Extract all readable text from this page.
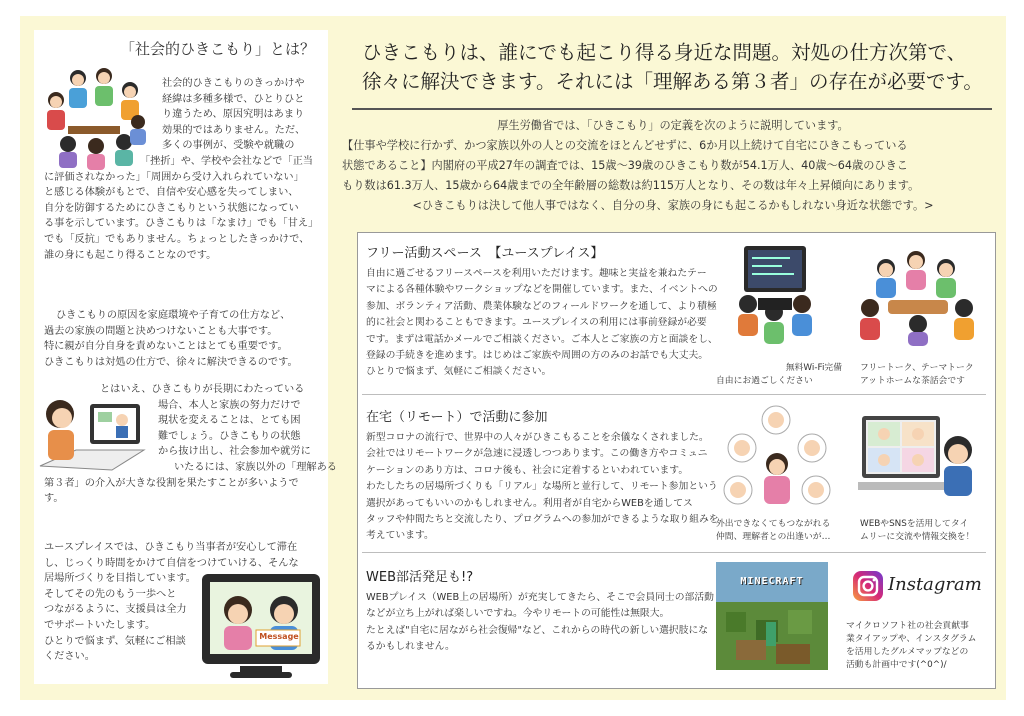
「社会的ひきこもり」とは？
社会的ひきこもりのきっかけや
経緯は多種多様で、ひとりひと
り違うため、原因究明はあまり
効果的ではありません。ただ、
多くの事例が、受験や就職の
「挫折」や、学校や会社などで「正当
に評価されなかった」「周囲から受け入れられていない」
と感じる体験がもとで、自信や安心感を失ってしまい、
自分を防御するためにひきこもりという状態になってい
る事を示しています。ひきこもりは「なまけ」でも「甘え」
でも「反抗」でもありません。ちょっとしたきっかけで、
誰の身にも起こり得ることなのです。
ひきこもりの原因を家庭環境や子育ての仕方など、
過去の家族の問題と決めつけないことも大事です。
特に親が自分自身を責めないことはとても重要です。
ひきこもりは対処の仕方で、徐々に解決できるのです。
とはいえ、ひきこもりが長期にわたっている
場合、本人と家族の努力だけで
現状を変えることは、とても困
難でしょう。ひきこもりの状態
から抜け出し、社会参加や就労に
いたるには、家族以外の「理解ある
第３者」の介入が大きな役割を果たすことが多いようで
す。
ユースプレイスでは、ひきこもり当事者が安心して滞在
し、じっくり時間をかけて自信をつけていける、そんな
居場所づくりを目指しています。
そしてその先のもう一歩へと
つながるように、支援員は全力
でサポートいたします。
ひとりで悩まず、気軽にご相談
ください。
Message
ひきこもりは、誰にでも起こり得る身近な問題。対処の仕方次第で、
徐々に解決できます。それには「理解ある第３者」の存在が必要です。
厚生労働省では、「ひきこもり」の定義を次のように説明しています。
【仕事や学校に行かず、かつ家族以外の人との交流をほとんどせずに、6か月以上続けて自宅にひきこもっている
状態であること】内閣府の平成27年の調査では、15歳〜39歳のひきこもり数が54.1万人、40歳〜64歳のひきこ
もり数は61.3万人、15歳から64歳までの全年齢層の総数は約115万人となり、その数は年々上昇傾向にあります。
<ひきこもりは決して他人事ではなく、自分の身、家族の身にも起こるかもしれない身近な状態です。>
フリー活動スペース　【ユースプレイス】
自由に過ごせるフリースペースを利用いただけます。趣味と実益を兼ねたテー
マによる各種体験やワークショップなどを開催しています。また、イベントへの
参加、ボランティア活動、農業体験などのフィールドワークを通して、より積極
的に社会と関わることもできます。ユースプレイスの利用には事前登録が必要
です。まずは電話かメールでご相談ください。ご本人とご家族の方と面談をし、
登録の手続きを進めます。はじめはご家族や周囲の方のみのお話でも大丈夫。
ひとりで悩まず、気軽にご相談ください。	無料Wi-Fi完備
自由にお過ごしください
フリートーク、テーマトーク
アットホームな茶話会です
在宅（リモート）で活動に参加
新型コロナの流行で、世界中の人々がひきこもることを余儀なくされました。
会社ではリモートワークが急速に浸透しつつあります。この働き方やコミュニ
ケーションのあり方は、コロナ後も、社会に定着するといわれています。
わたしたちの居場所づくりも「リアル」な場所と並行して、リモート参加という
選択があってもいいのかもしれません。利用者が自宅からWEBを通してス
タッフや仲間たちと交流したり、プログラムへの参加ができるような取り組みを
考えています。
外出できなくてもつながれる
仲間、理解者との出逢いが…
WEBやSNSを活用してタイ
ムリーに交流や情報交換を！
WEB部活発足も!?
WEBプレイス（WEB上の居場所）が充実してきたら、そこで会員同士の部活動
などが立ち上がれば楽しいですね。今やリモートの可能性は無限大。
たとえば"自宅に居ながら社会復帰"など、これからの時代の新しい選択肢にな
るかもしれません。
MINECRAFT	Instagram
マイクロソフト社の社会貢献事
業タイアップや、インスタグラム
を活用したグルメマップなどの
活動も計画中です(^0^)/
